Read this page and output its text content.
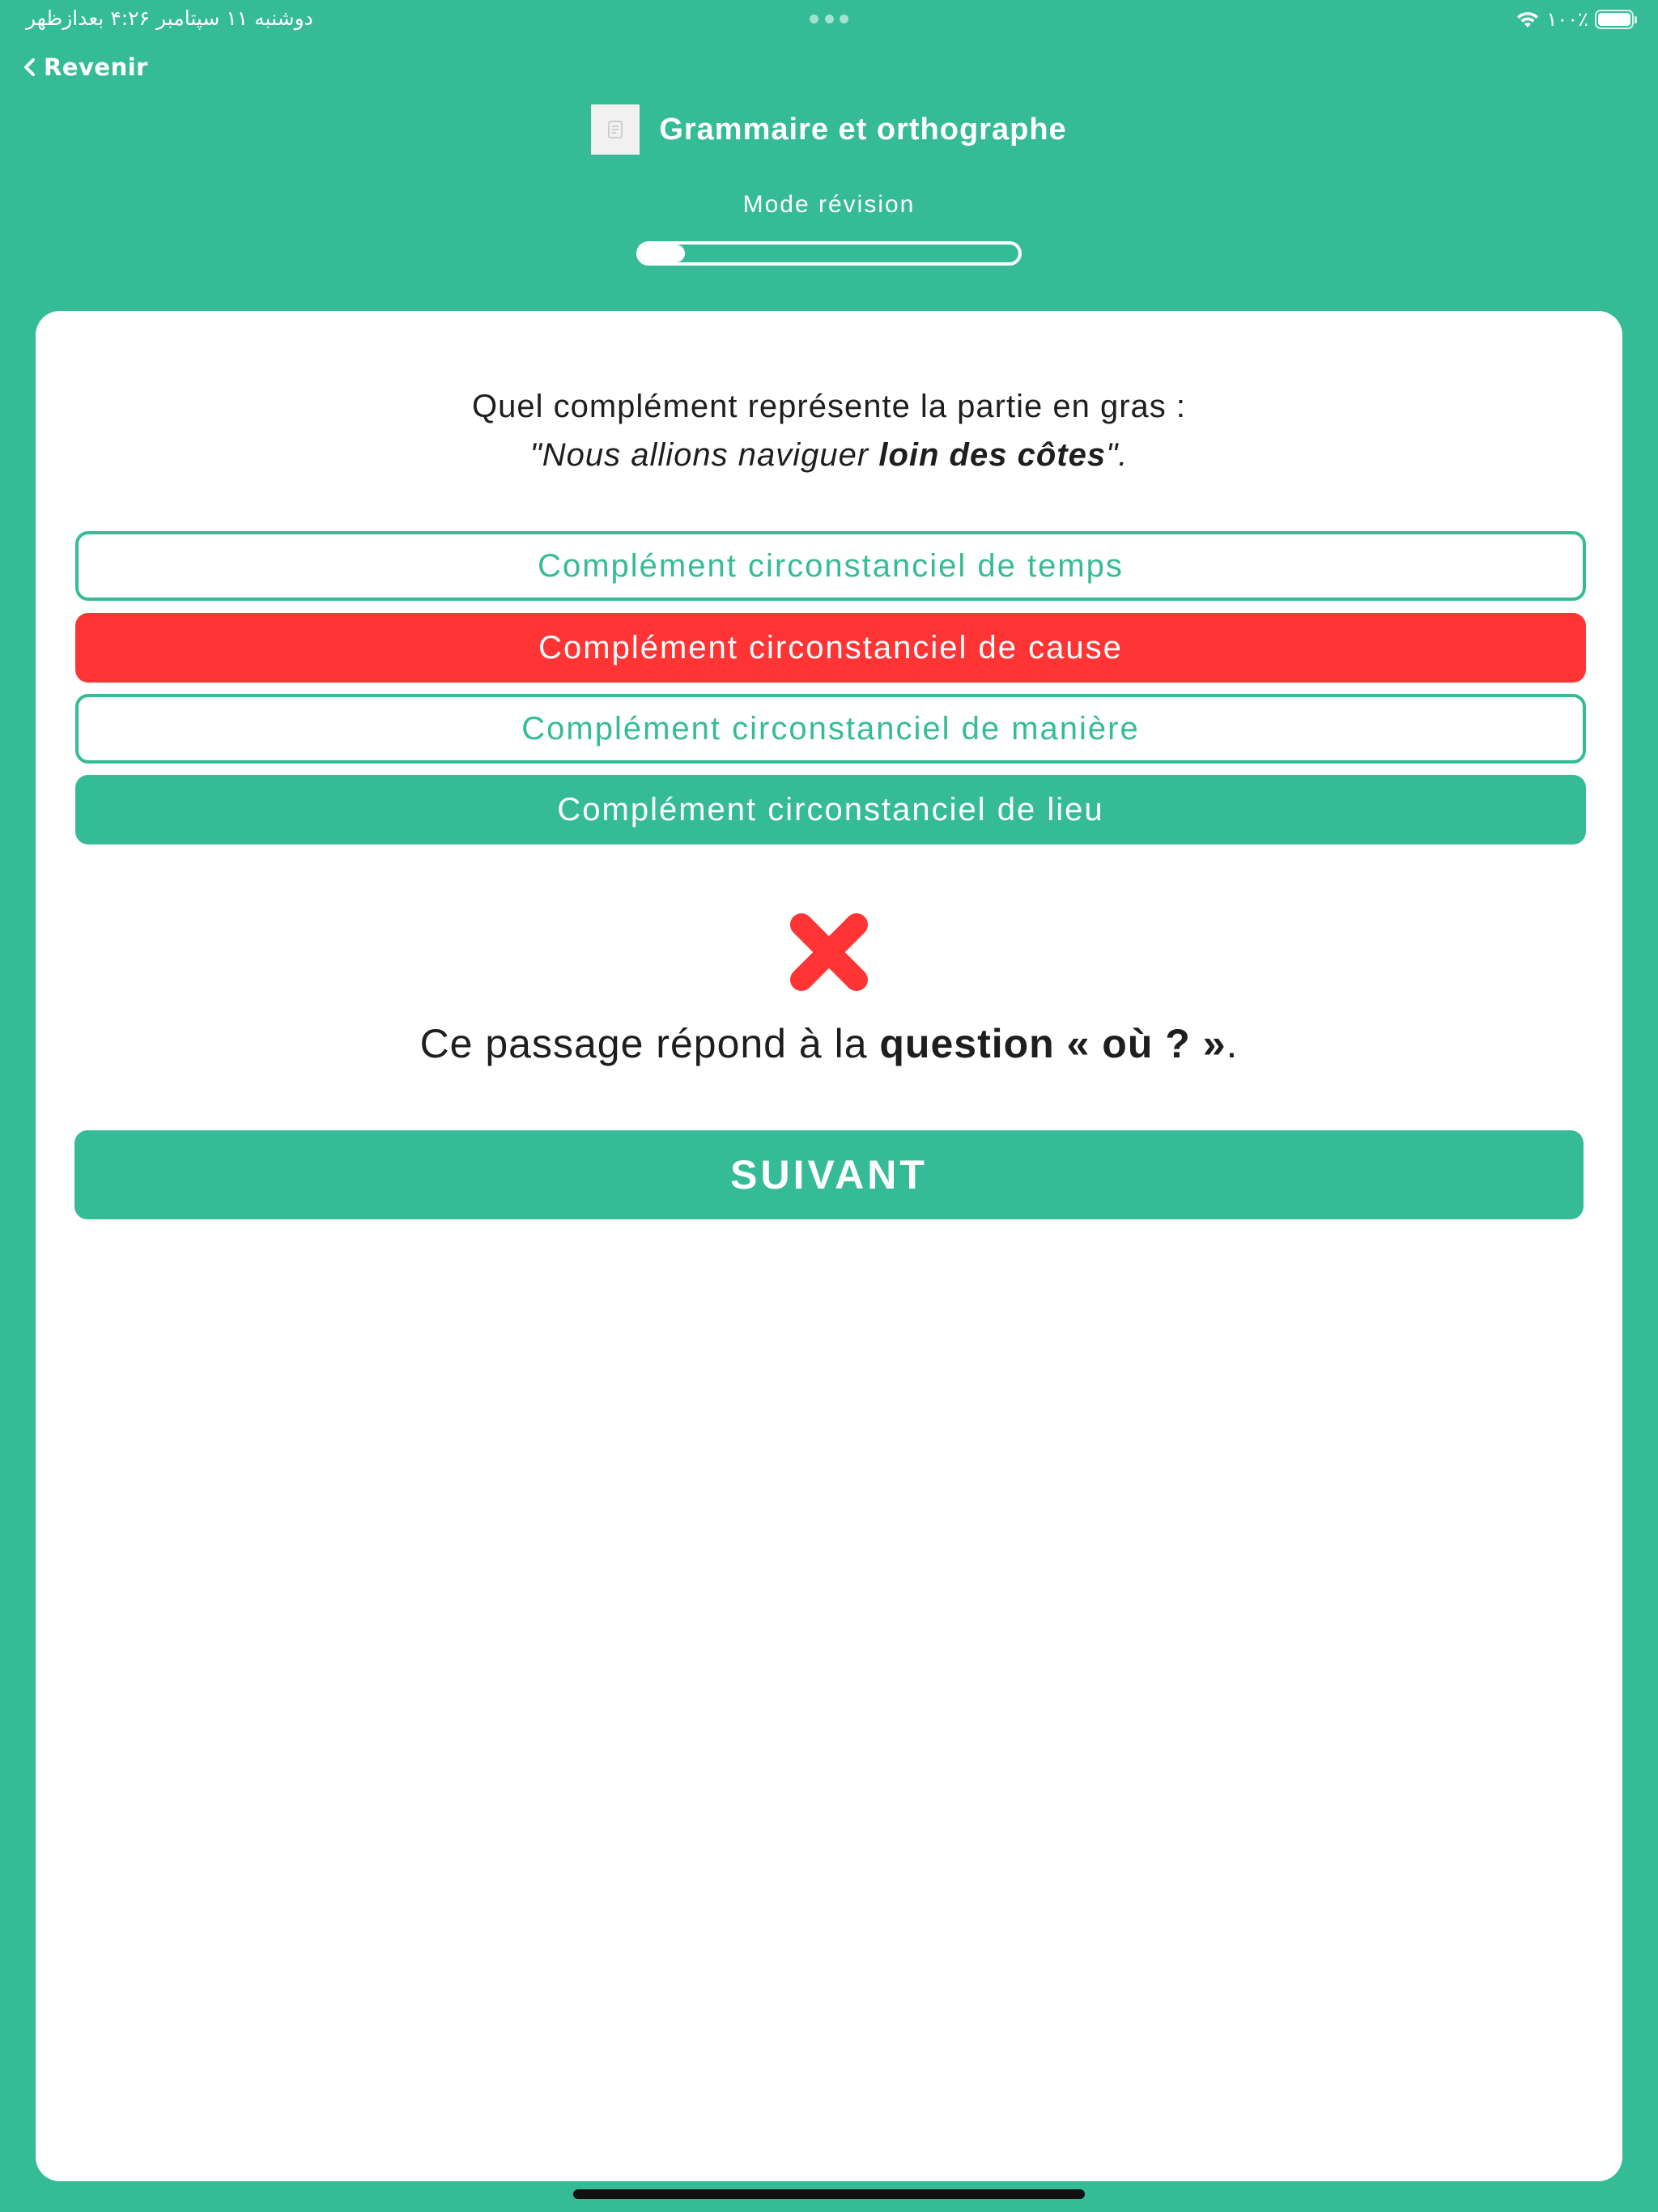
دوشنبه ۱۱ سپتامبر ۴:۲۶ بعدازظهر	۱۰۰٪
Revenir
Grammaire et orthographe
Mode révision
Quel complément représente la partie en gras :
"Nous allions naviguer loin des côtes".
Complément circonstanciel de temps
Complément circonstanciel de cause
Complément circonstanciel de manière
Complément circonstanciel de lieu
Ce passage répond à la question « où ? ».
SUIVANT
